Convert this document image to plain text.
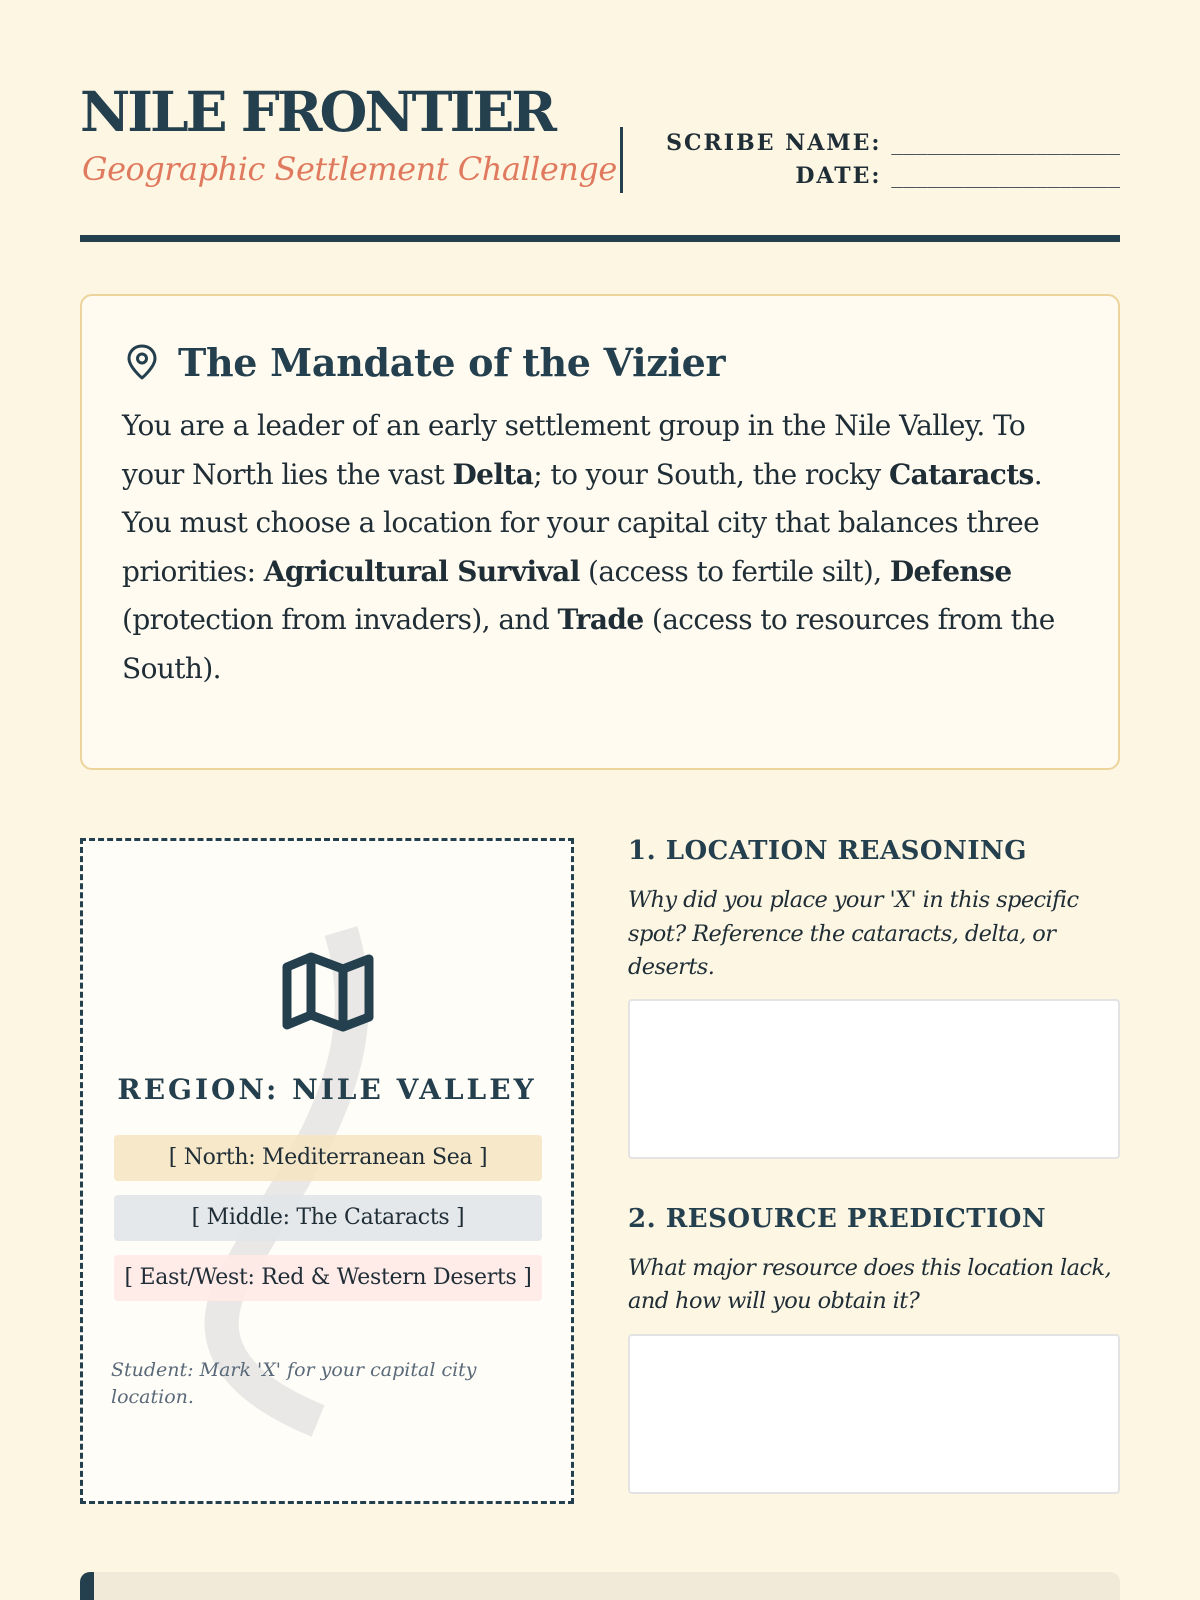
NILE FRONTIER
Geographic Settlement Challenge
SCRIBE NAME: ___________________
DATE: ___________________
The Mandate of the Vizier

You are a leader of an early settlement group in the Nile Valley. To your North lies the vast Delta; to your South, the rocky Cataracts. You must choose a location for your capital city that balances three priorities: Agricultural Survival (access to fertile silt), Defense (protection from invaders), and Trade (access to resources from the South).

REGION: NILE VALLEY
[ North: Mediterranean Sea ]
[ Middle: The Cataracts ]
[ East/West: Red & Western Deserts ]
Student: Mark 'X' for your capital city location.
1. LOCATION REASONING

Why did you place your 'X' in this specific spot? Reference the cataracts, delta, or deserts.

2. RESOURCE PREDICTION

What major resource does this location lack, and how will you obtain it?
